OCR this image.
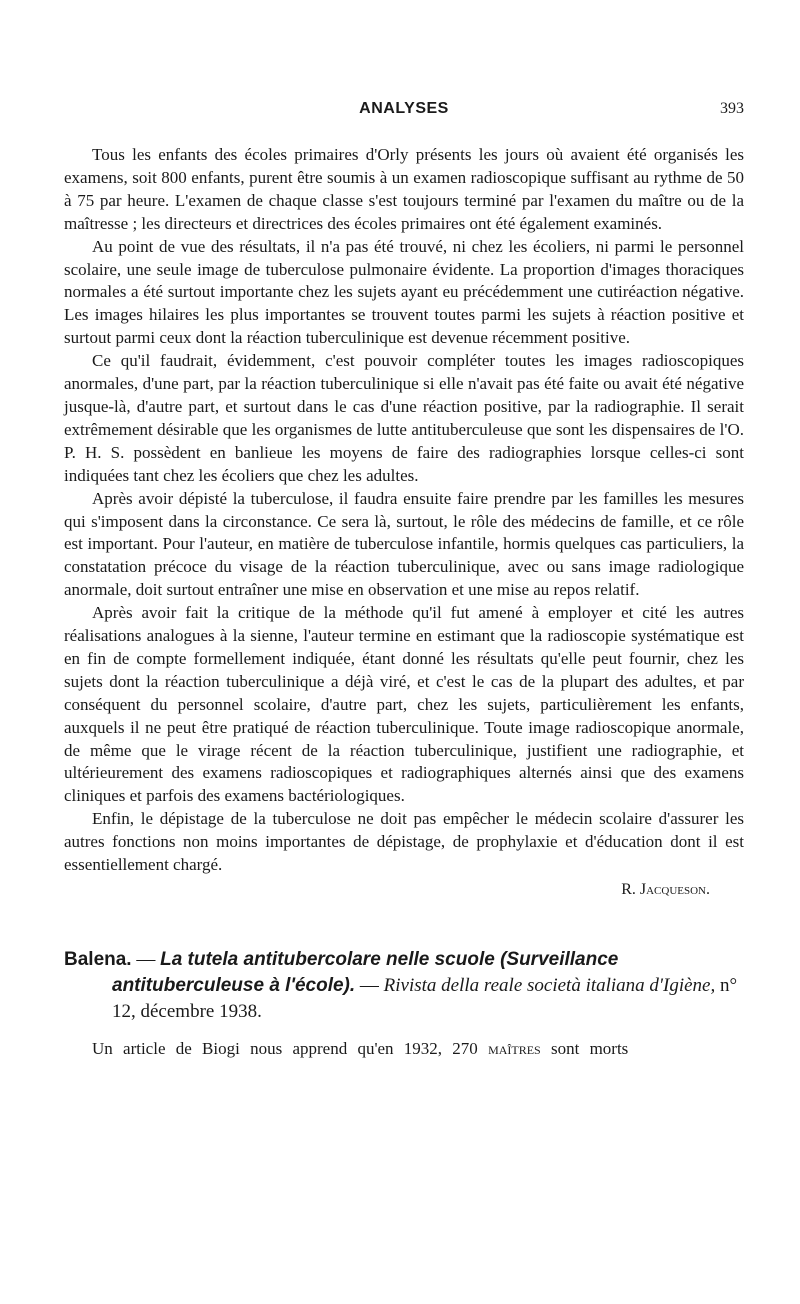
ANALYSES	393

Tous les enfants des écoles primaires d'Orly présents les jours où avaient été organisés les examens, soit 800 enfants, purent être soumis à un examen radioscopique suffisant au rythme de 50 à 75 par heure. L'examen de chaque classe s'est toujours terminé par l'examen du maître ou de la maîtresse ; les directeurs et directrices des écoles primaires ont été également examinés.

Au point de vue des résultats, il n'a pas été trouvé, ni chez les écoliers, ni parmi le personnel scolaire, une seule image de tuberculose pulmonaire évidente. La proportion d'images thoraciques normales a été surtout importante chez les sujets ayant eu précédemment une cutiréaction négative. Les images hilaires les plus importantes se trouvent toutes parmi les sujets à réaction positive et surtout parmi ceux dont la réaction tuberculinique est devenue récemment positive.

Ce qu'il faudrait, évidemment, c'est pouvoir compléter toutes les images radioscopiques anormales, d'une part, par la réaction tuberculinique si elle n'avait pas été faite ou avait été négative jusque-là, d'autre part, et surtout dans le cas d'une réaction positive, par la radiographie. Il serait extrêmement désirable que les organismes de lutte antituberculeuse que sont les dispensaires de l'O. P. H. S. possèdent en banlieue les moyens de faire des radiographies lorsque celles-ci sont indiquées tant chez les écoliers que chez les adultes.

Après avoir dépisté la tuberculose, il faudra ensuite faire prendre par les familles les mesures qui s'imposent dans la circonstance. Ce sera là, surtout, le rôle des médecins de famille, et ce rôle est important. Pour l'auteur, en matière de tuberculose infantile, hormis quelques cas particuliers, la constatation précoce du visage de la réaction tuberculinique, avec ou sans image radiologique anormale, doit surtout entraîner une mise en observation et une mise au repos relatif.

Après avoir fait la critique de la méthode qu'il fut amené à employer et cité les autres réalisations analogues à la sienne, l'auteur termine en estimant que la radioscopie systématique est en fin de compte formellement indiquée, étant donné les résultats qu'elle peut fournir, chez les sujets dont la réaction tuberculinique a déjà viré, et c'est le cas de la plupart des adultes, et par conséquent du personnel scolaire, d'autre part, chez les sujets, particulièrement les enfants, auxquels il ne peut être pratiqué de réaction tuberculinique. Toute image radioscopique anormale, de même que le virage récent de la réaction tuberculinique, justifient une radiographie, et ultérieurement des examens radioscopiques et radiographiques alternés ainsi que des examens cliniques et parfois des examens bactériologiques.

Enfin, le dépistage de la tuberculose ne doit pas empêcher le médecin scolaire d'assurer les autres fonctions non moins importantes de dépistage, de prophylaxie et d'éducation dont il est essentiellement chargé.

R. Jacqueson.

Balena. — La tutela antitubercolare nelle scuole (Surveillance antituberculeuse à l'école). — Rivista della reale società italiana d'Igiène, n° 12, décembre 1938.
Un article de Biogi nous apprend qu'en 1932, 270 maîtres sont morts
